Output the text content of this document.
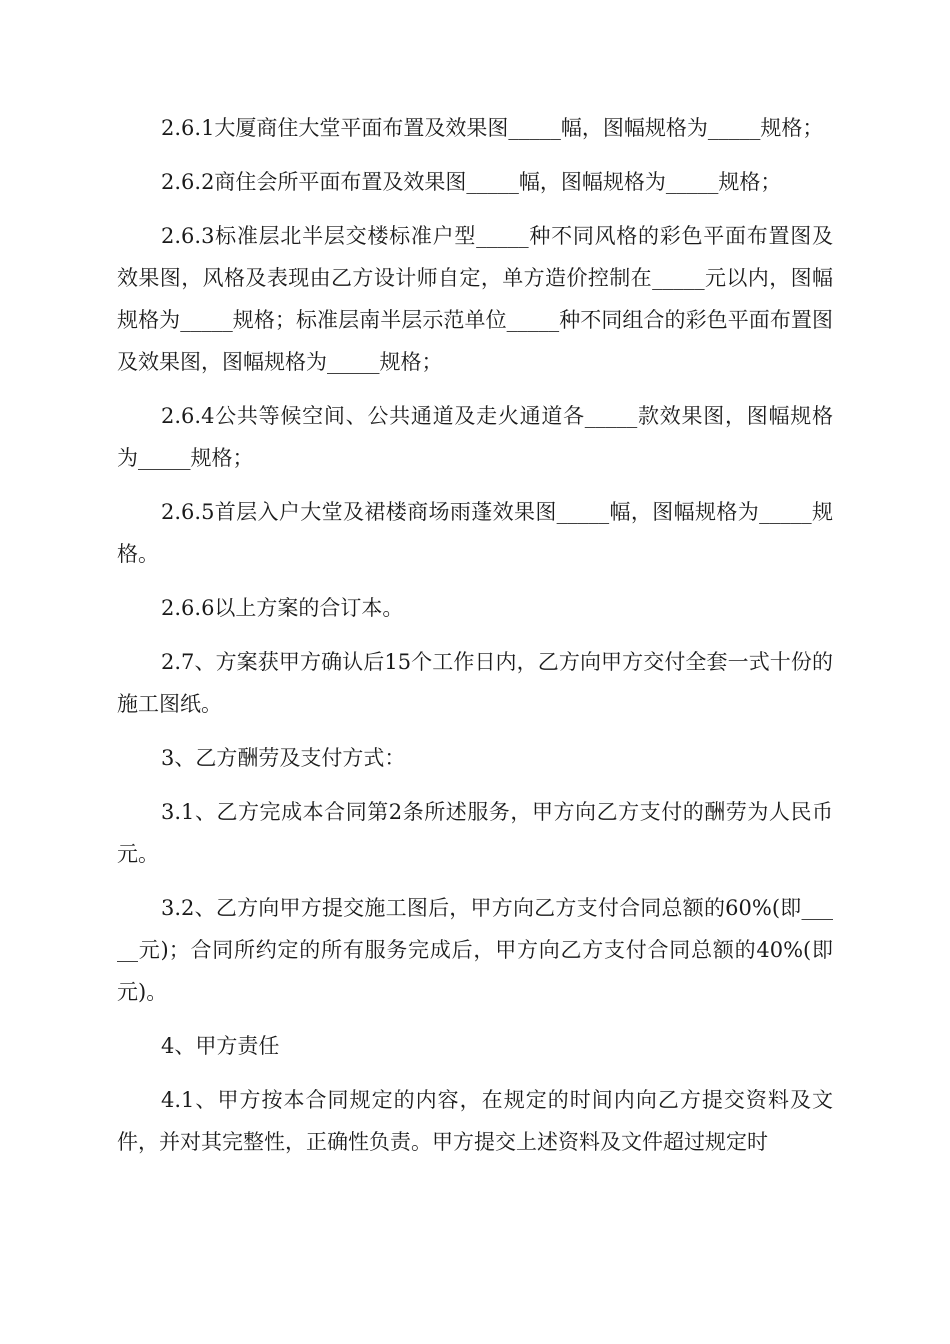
2.6.1大厦商住大堂平面布置及效果图_____幅，图幅规格为_____规格；

2.6.2商住会所平面布置及效果图_____幅，图幅规格为_____规格；

2.6.3标准层北半层交楼标准户型_____种不同风格的彩色平面布置图及效果图，风格及表现由乙方设计师自定，单方造价控制在_____元以内，图幅规格为_____规格；标准层南半层示范单位_____种不同组合的彩色平面布置图及效果图，图幅规格为_____规格；

2.6.4公共等候空间、公共通道及走火通道各_____款效果图，图幅规格为_____规格；

2.6.5首层入户大堂及裙楼商场雨蓬效果图_____幅，图幅规格为_____规格。

2.6.6以上方案的合订本。

2.7、方案获甲方确认后15个工作日内，乙方向甲方交付全套一式十份的施工图纸。

3、乙方酬劳及支付方式：

3.1、乙方完成本合同第2条所述服务，甲方向乙方支付的酬劳为人民币元。

3.2、乙方向甲方提交施工图后，甲方向乙方支付合同总额的60%(即_____元)；合同所约定的所有服务完成后，甲方向乙方支付合同总额的40%(即元)。

4、甲方责任

4.1、甲方按本合同规定的内容，在规定的时间内向乙方提交资料及文件，并对其完整性，正确性负责。甲方提交上述资料及文件超过规定时
